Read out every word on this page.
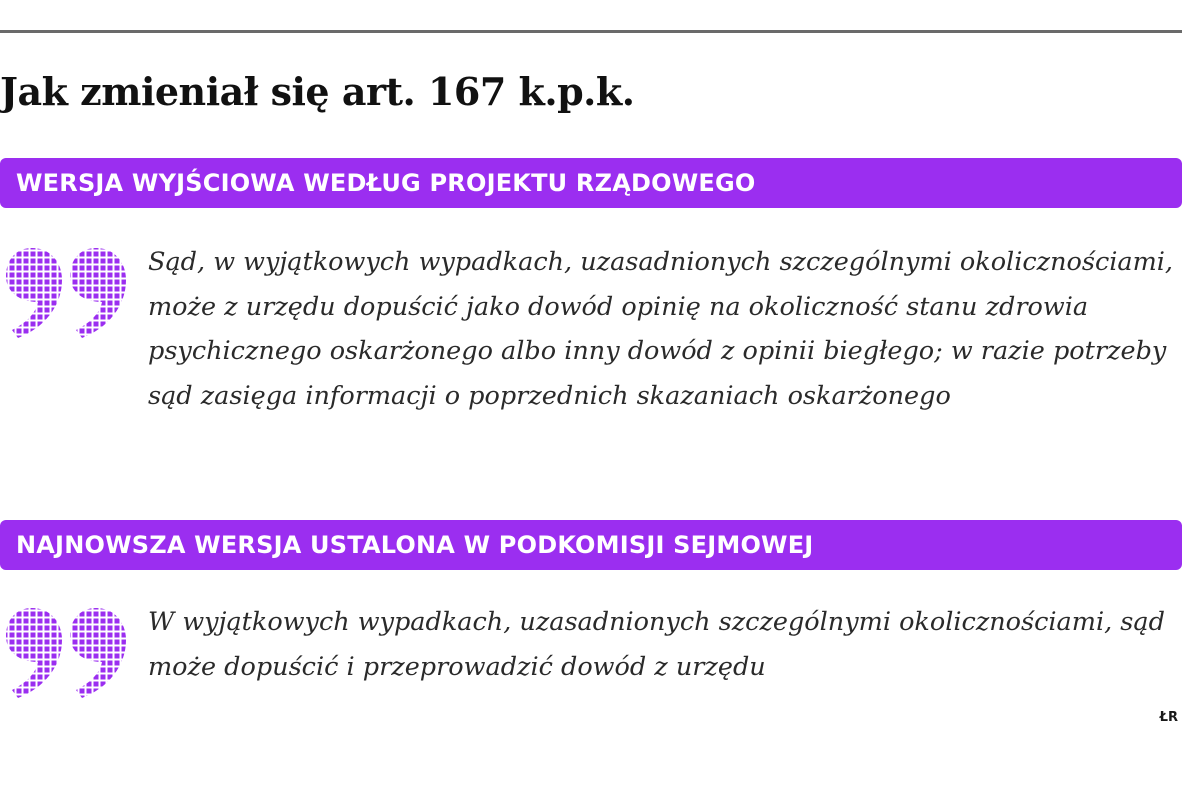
Jak zmieniał się art. 167 k.p.k.
WERSJA WYJŚCIOWA WEDŁUG PROJEKTU RZĄDOWEGO

Sąd, w wyjątkowych wypadkach, uzasadnionych szczególnymi okolicznościami, może z urzędu dopuścić jako dowód opinię na okoliczność stanu zdrowia psychicznego oskarżonego albo inny dowód z opinii biegłego; w razie potrzeby sąd zasięga informacji o poprzednich skazaniach oskarżonego

NAJNOWSZA WERSJA USTALONA W PODKOMISJI SEJMOWEJ

W wyjątkowych wypadkach, uzasadnionych szczególnymi okolicznościami, sąd może dopuścić i przeprowadzić dowód z urzędu

ŁR
